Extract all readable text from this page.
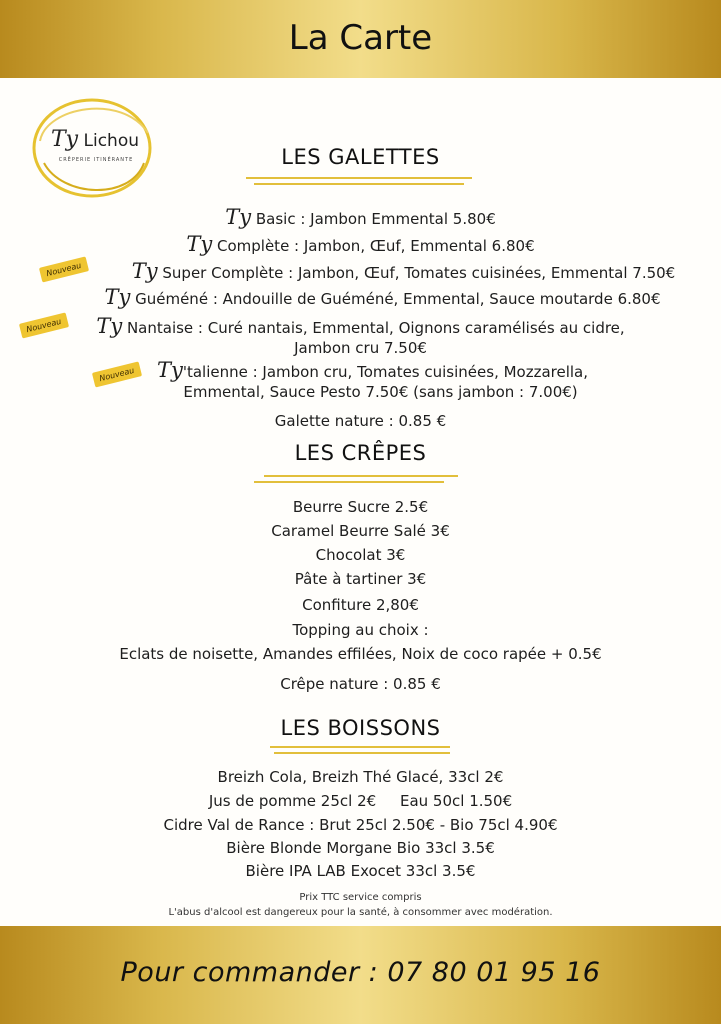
La Carte
Ty Lichou
CRÊPERIE ITINÉRANTE	LES GALETTES
Ty Basic : Jambon Emmental 5.80€
Ty Complète : Jambon, Œuf, Emmental 6.80€
Nouveau	Ty Super Complète : Jambon, Œuf, Tomates cuisinées, Emmental 7.50€
Ty Guéméné : Andouille de Guéméné, Emmental, Sauce moutarde 6.80€
Nouveau	Ty Nantaise : Curé nantais, Emmental, Oignons caramélisés au cidre,
Jambon cru 7.50€
Nouveau	Ty'talienne : Jambon cru, Tomates cuisinées, Mozzarella,
Emmental, Sauce Pesto 7.50€ (sans jambon : 7.00€)
Galette nature : 0.85 €
LES CRÊPES
Beurre Sucre 2.5€
Caramel Beurre Salé 3€
Chocolat 3€
Pâte à tartiner 3€
Confiture 2,80€
Topping au choix :
Eclats de noisette, Amandes effilées, Noix de coco rapée + 0.5€
Crêpe nature : 0.85 €
LES BOISSONS
Breizh Cola, Breizh Thé Glacé, 33cl 2€
Jus de pomme 25cl 2€     Eau 50cl 1.50€
Cidre Val de Rance : Brut 25cl 2.50€ - Bio 75cl 4.90€
Bière Blonde Morgane Bio 33cl 3.5€
Bière IPA LAB Exocet 33cl 3.5€
Prix TTC service compris
L'abus d'alcool est dangereux pour la santé, à consommer avec modération.
Pour commander : 07 80 01 95 16
